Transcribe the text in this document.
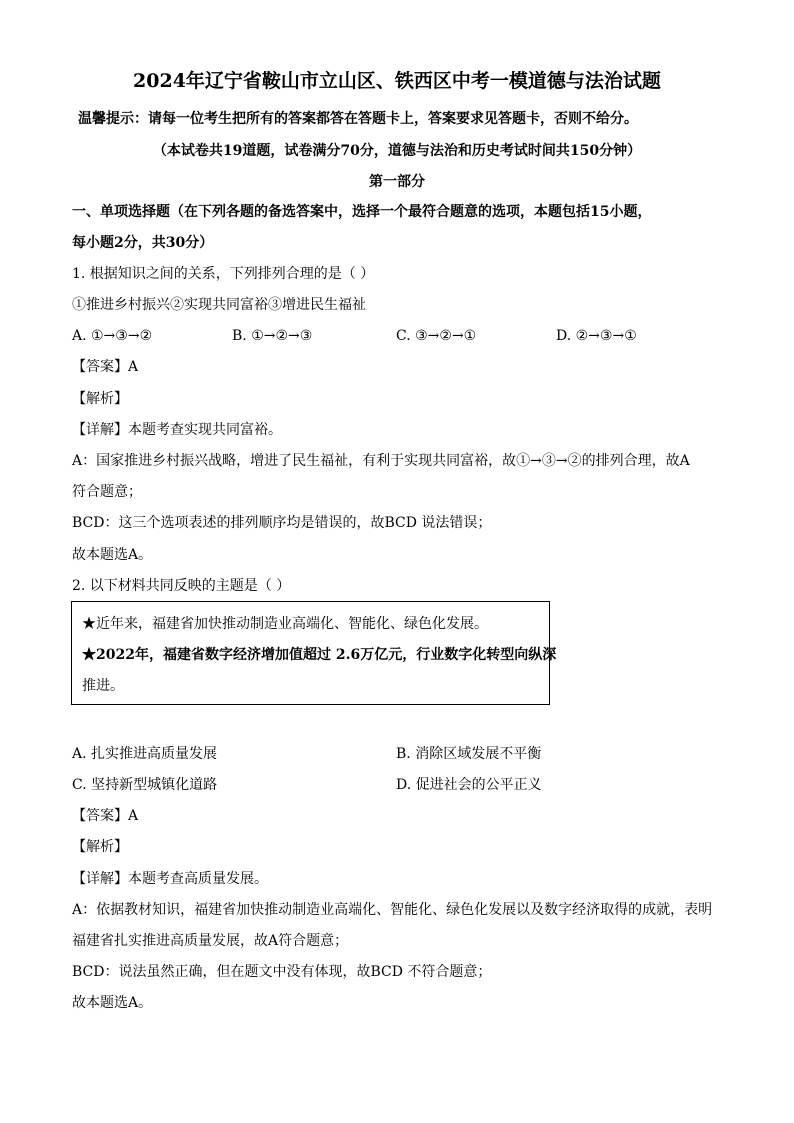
2024年辽宁省鞍山市立山区、铁西区中考一模道德与法治试题
温馨提示：请每一位考生把所有的答案都答在答题卡上，答案要求见答题卡，否则不给分。
（本试卷共19道题，试卷满分70分，道德与法治和历史考试时间共150分钟）
第一部分
一、单项选择题（在下列各题的备选答案中，选择一个最符合题意的选项，本题包括15小题，
每小题2分，共30分）
1. 根据知识之间的关系，下列排列合理的是（ ）
①推进乡村振兴②实现共同富裕③增进民生福祉
A. ①→③→②	B. ①→②→③	C. ③→②→①	D. ②→③→①
【答案】A
【解析】
【详解】本题考查实现共同富裕。
A：国家推进乡村振兴战略，增进了民生福祉，有利于实现共同富裕，故①→③→②的排列合理，故A
符合题意；
BCD：这三个选项表述的排列顺序均是错误的，故BCD 说法错误；
故本题选A。
2. 以下材料共同反映的主题是（ ）
★近年来，福建省加快推动制造业高端化、智能化、绿色化发展。
★2022年，福建省数字经济增加值超过 2.6万亿元，行业数字化转型向纵深
推进。
A. 扎实推进高质量发展	B. 消除区域发展不平衡
C. 坚持新型城镇化道路	D. 促进社会的公平正义
【答案】A
【解析】
【详解】本题考查高质量发展。
A：依据教材知识，福建省加快推动制造业高端化、智能化、绿色化发展以及数字经济取得的成就，表明
福建省扎实推进高质量发展，故A符合题意；
BCD：说法虽然正确，但在题文中没有体现，故BCD 不符合题意；
故本题选A。
